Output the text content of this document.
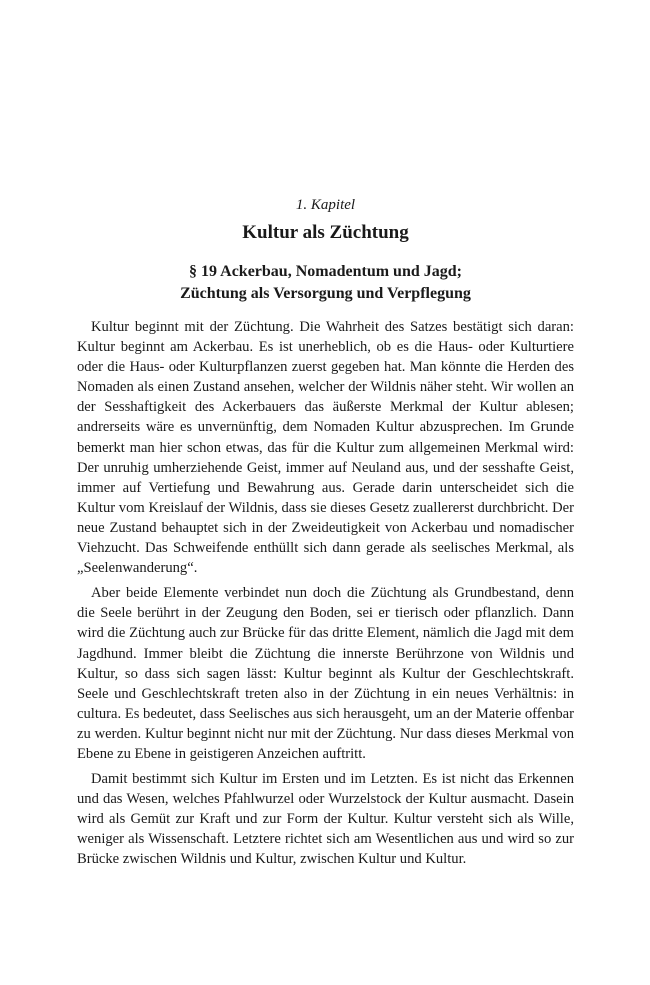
1. Kapitel
Kultur als Züchtung
§ 19 Ackerbau, Nomadentum und Jagd;
Züchtung als Versorgung und Verpflegung

Kultur beginnt mit der Züchtung. Die Wahrheit des Satzes bestätigt sich daran: Kultur beginnt am Ackerbau. Es ist unerheblich, ob es die Haus- oder Kulturtiere oder die Haus- oder Kulturpflanzen zuerst gegeben hat. Man könnte die Herden des Nomaden als einen Zustand ansehen, welcher der Wildnis näher steht. Wir wollen an der Sesshaftigkeit des Ackerbauers das äußerste Merkmal der Kultur ablesen; andrerseits wäre es unvernünftig, dem Nomaden Kultur abzusprechen. Im Grunde bemerkt man hier schon etwas, das für die Kultur zum allgemeinen Merkmal wird: Der unruhig umherziehende Geist, immer auf Neuland aus, und der sesshafte Geist, immer auf Vertiefung und Bewahrung aus. Gerade darin unterscheidet sich die Kultur vom Kreislauf der Wildnis, dass sie dieses Gesetz zuallererst durchbricht. Der neue Zustand behauptet sich in der Zweideutigkeit von Ackerbau und nomadischer Viehzucht. Das Schweifende enthüllt sich dann gerade als seelisches Merkmal, als „Seelenwanderung“.

Aber beide Elemente verbindet nun doch die Züchtung als Grundbestand, denn die Seele berührt in der Zeugung den Boden, sei er tierisch oder pflanzlich. Dann wird die Züchtung auch zur Brücke für das dritte Element, nämlich die Jagd mit dem Jagdhund. Immer bleibt die Züchtung die innerste Berührzone von Wildnis und Kultur, so dass sich sagen lässt: Kultur beginnt als Kultur der Geschlechtskraft. Seele und Geschlechtskraft treten also in der Züchtung in ein neues Verhältnis: in cultura. Es bedeutet, dass Seelisches aus sich herausgeht, um an der Materie offenbar zu werden. Kultur beginnt nicht nur mit der Züchtung. Nur dass dieses Merkmal von Ebene zu Ebene in geistigeren Anzeichen auftritt.

Damit bestimmt sich Kultur im Ersten und im Letzten. Es ist nicht das Erkennen und das Wesen, welches Pfahlwurzel oder Wurzelstock der Kultur ausmacht. Dasein wird als Gemüt zur Kraft und zur Form der Kultur. Kultur versteht sich als Wille, weniger als Wissenschaft. Letztere richtet sich am Wesentlichen aus und wird so zur Brücke zwischen Wildnis und Kultur, zwischen Kultur und Kultur.
